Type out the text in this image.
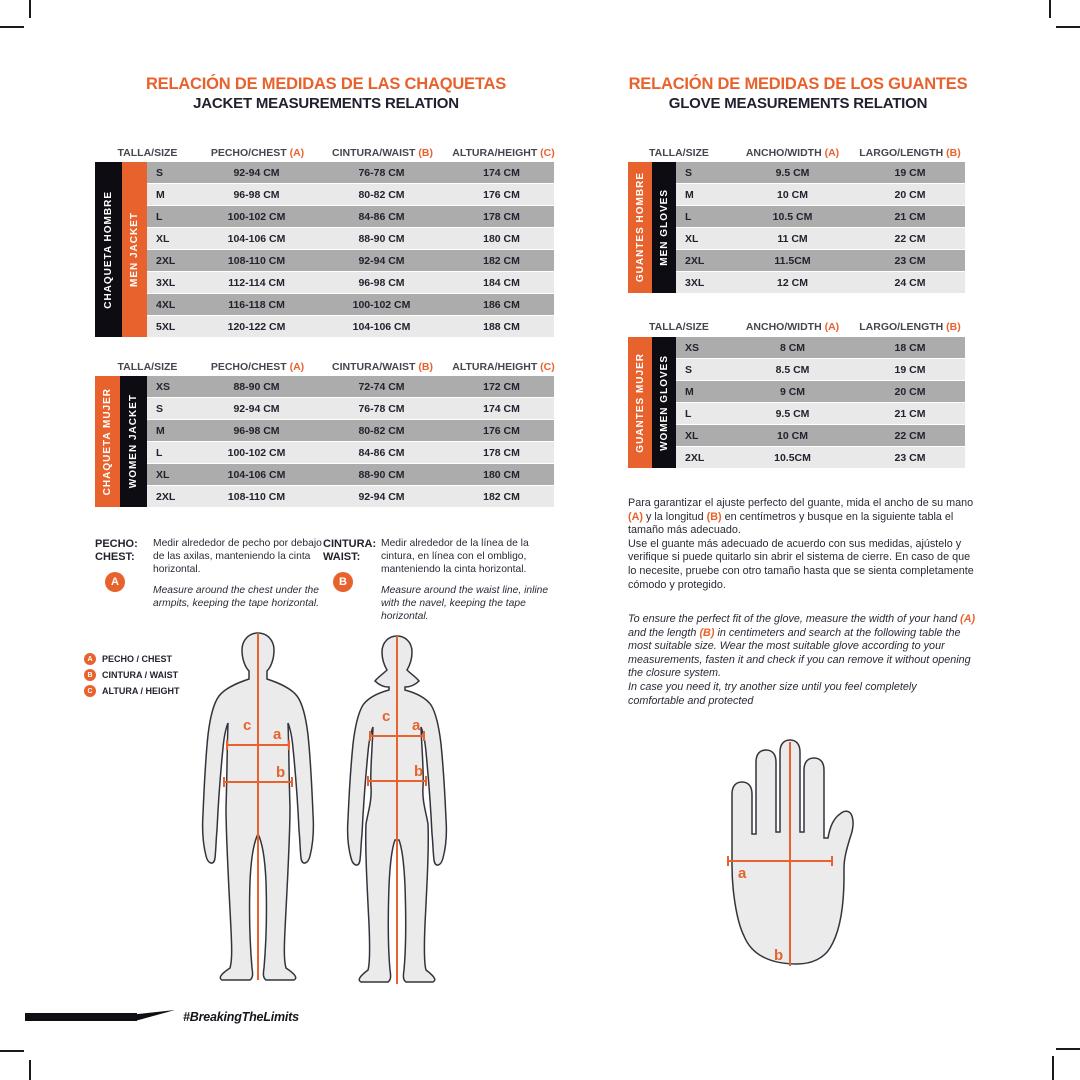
RELACIÓN DE MEDIDAS DE LAS CHAQUETAS
JACKET MEASUREMENTS RELATION
TALLA/SIZE	PECHO/CHEST (A)	CINTURA/WAIST (B)	ALTURA/HEIGHT (C)
CHAQUETA HOMBRE MEN JACKET
S	92-94 CM	76-78 CM	174 CM
M	96-98 CM	80-82 CM	176 CM
L	100-102 CM	84-86 CM	178 CM
XL	104-106 CM	88-90 CM	180 CM
2XL	108-110 CM	92-94 CM	182 CM
3XL	112-114 CM	96-98 CM	184 CM
4XL	116-118 CM	100-102 CM	186 CM
5XL	120-122 CM	104-106 CM	188 CM
TALLA/SIZE	PECHO/CHEST (A)	CINTURA/WAIST (B)	ALTURA/HEIGHT (C)
CHAQUETA MUJER WOMEN JACKET
XS	88-90 CM	72-74 CM	172 CM
S	92-94 CM	76-78 CM	174 CM
M	96-98 CM	80-82 CM	176 CM
L	100-102 CM	84-86 CM	178 CM
XL	104-106 CM	88-90 CM	180 CM
2XL	108-110 CM	92-94 CM	182 CM
PECHO:
CHEST:
A
Medir alrededor de pecho por debajo de las axilas, manteniendo la cinta horizontal.
Measure around the chest under the armpits, keeping the tape horizontal.
CINTURA:
WAIST:
B
Medir alrededor de la línea de la cintura, en línea con el ombligo, manteniendo la cinta horizontal.
Measure around the waist line, inline with the navel, keeping the tape horizontal.
A	PECHO / CHEST
B	CINTURA / WAIST
C	ALTURA / HEIGHT
c
a
b
c
a
b
RELACIÓN DE MEDIDAS DE LOS GUANTES
GLOVE MEASUREMENTS RELATION
TALLA/SIZE	ANCHO/WIDTH (A)	LARGO/LENGTH (B)
GUANTES HOMBRE MEN GLOVES
S	9.5 CM	19 CM
M	10 CM	20 CM
L	10.5 CM	21 CM
XL	11 CM	22 CM
2XL	11.5CM	23 CM
3XL	12 CM	24 CM
TALLA/SIZE	ANCHO/WIDTH (A)	LARGO/LENGTH (B)
GUANTES MUJER WOMEN GLOVES
XS	8 CM	18 CM
S	8.5 CM	19 CM
M	9 CM	20 CM
L	9.5 CM	21 CM
XL	10 CM	22 CM
2XL	10.5CM	23 CM
Para garantizar el ajuste perfecto del guante, mida el ancho de su mano (A) y la longitud (B) en centímetros y busque en la siguiente tabla el tamaño más adecuado.
Use el guante más adecuado de acuerdo con sus medidas, ajústelo y verifique si puede quitarlo sin abrir el sistema de cierre. En caso de que lo necesite, pruebe con otro tamaño hasta que se sienta completamente cómodo y protegido.
To ensure the perfect fit of the glove, measure the width of your hand (A) and the length (B) in centimeters and search at the following table the most suitable size. Wear the most suitable glove according to your measurements, fasten it and check if you can remove it without opening the closure system.
In case you need it, try another size until you feel completely comfortable and protected
a
b
#BreakingTheLimits
